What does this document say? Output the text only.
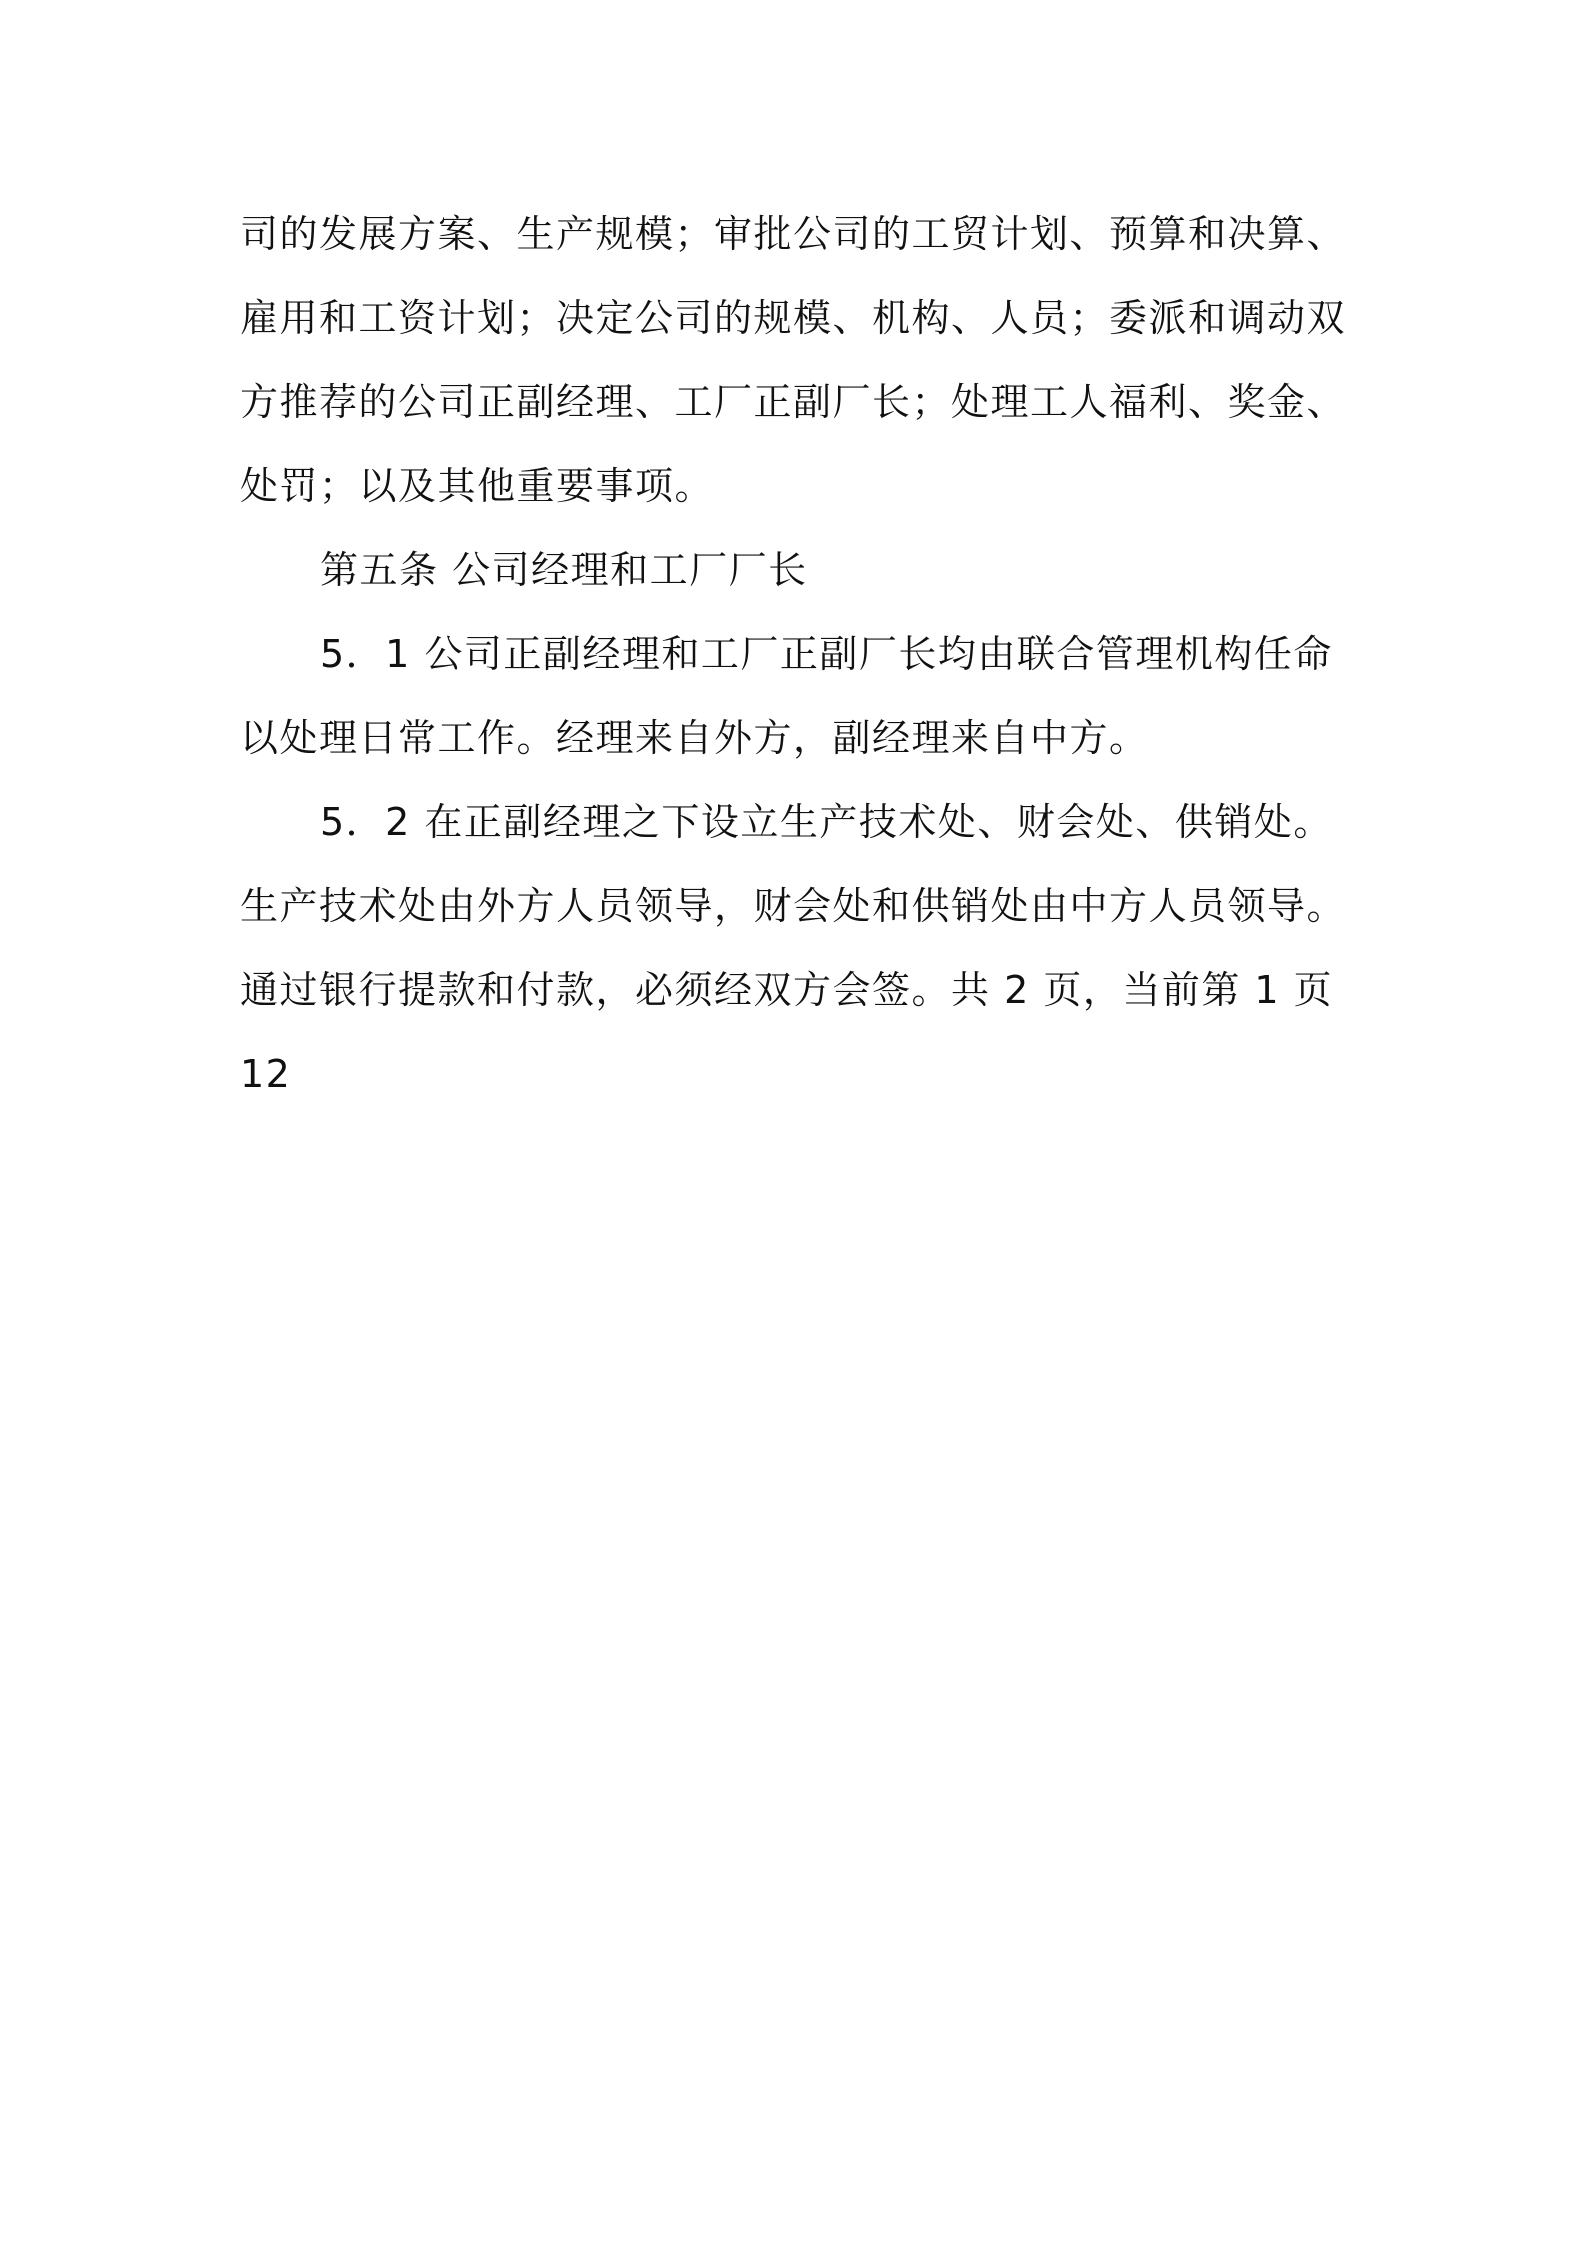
司的发展方案、生产规模；审批公司的工贸计划、预算和决算、
雇用和工资计划；决定公司的规模、机构、人员；委派和调动双
方推荐的公司正副经理、工厂正副厂长；处理工人福利、奖金、
处罚；以及其他重要事项。
第五条 公司经理和工厂厂长
5．1 公司正副经理和工厂正副厂长均由联合管理机构任命
以处理日常工作。经理来自外方，副经理来自中方。
5．2 在正副经理之下设立生产技术处、财会处、供销处。
生产技术处由外方人员领导，财会处和供销处由中方人员领导。
通过银行提款和付款，必须经双方会签。共 2 页，当前第 1 页
12
